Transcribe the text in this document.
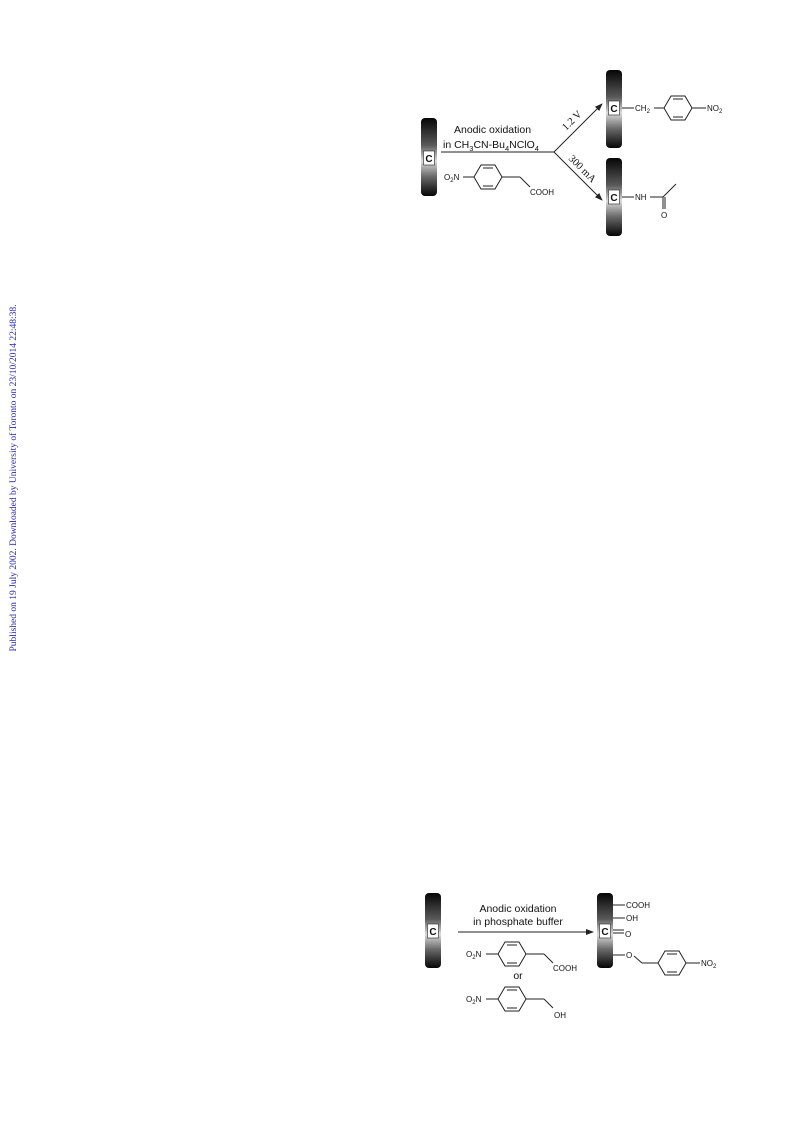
Published on 19 July 2002. Downloaded by University of Toronto on 23/10/2014 22:48:38.
C
Anodic oxidation
in $CH_3CN-Bu_4NClO_4$
1.2 V
300 mA
$O_2N$
COOH
C $CH_2$	$NO_2$
C NH
O
C
Anodic oxidation
in phosphate buffer
$O_2N$
COOH
or
$O_2N$
OH
C
COOH
OH
O
O
$NO_2$
